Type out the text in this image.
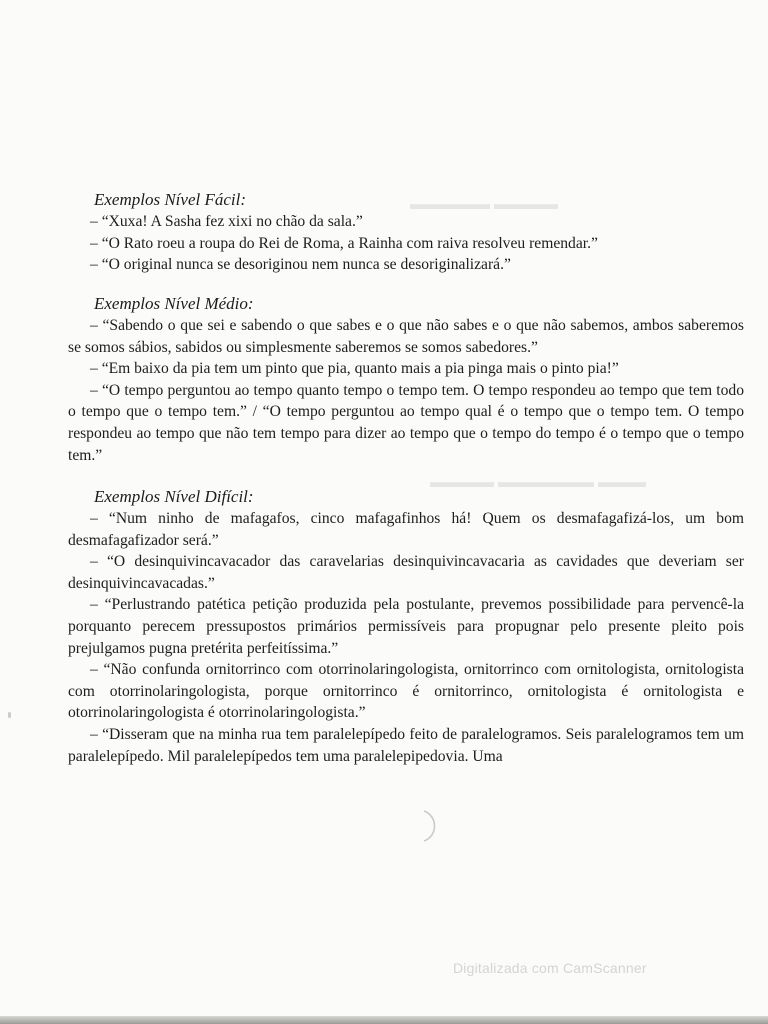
▬▬▬▬ ▬▬▬▬▬
▬▬▬ ▬▬▬▬▬▬ ▬▬▬▬

Exemplos Nível Fácil:

– “Xuxa! A Sasha fez xixi no chão da sala.”

– “O Rato roeu a roupa do Rei de Roma, a Rainha com raiva resolveu remendar.”

– “O original nunca se desoriginou nem nunca se desoriginalizará.”

Exemplos Nível Médio:

– “Sabendo o que sei e sabendo o que sabes e o que não sabes e o que não sabemos, ambos saberemos se somos sábios, sabidos ou simplesmente saberemos se somos sabedores.”

– “Em baixo da pia tem um pinto que pia, quanto mais a pia pinga mais o pinto pia!”

– “O tempo perguntou ao tempo quanto tempo o tempo tem. O tempo respondeu ao tempo que tem todo o tempo que o tempo tem.” / “O tempo perguntou ao tempo qual é o tempo que o tempo tem. O tempo respondeu ao tempo que não tem tempo para dizer ao tempo que o tempo do tempo é o tempo que o tempo tem.”

Exemplos Nível Difícil:

– “Num ninho de mafagafos, cinco mafagafinhos há! Quem os desmafagafizá-los, um bom desmafagafizador será.”

– “O desinquivincavacador das caravelarias desinquivincavacaria as cavidades que deveriam ser desinquivincavacadas.”

– “Perlustrando patética petição produzida pela postulante, prevemos possibilidade para pervencê-la porquanto perecem pressupostos primários permissíveis para propugnar pelo presente pleito pois prejulgamos pugna pretérita perfeitíssima.”

– “Não confunda ornitorrinco com otorrinolaringologista, ornitorrinco com ornitologista, ornitologista com otorrinolaringologista, porque ornitorrinco é ornitorrinco, ornitologista é ornitologista e otorrinolaringologista é otorrinolaringologista.”

– “Disseram que na minha rua tem paralelepípedo feito de paralelogramos. Seis paralelogramos tem um paralelepípedo. Mil paralelepípedos tem uma paralelepipedovia. Uma

Digitalizada com CamScanner
